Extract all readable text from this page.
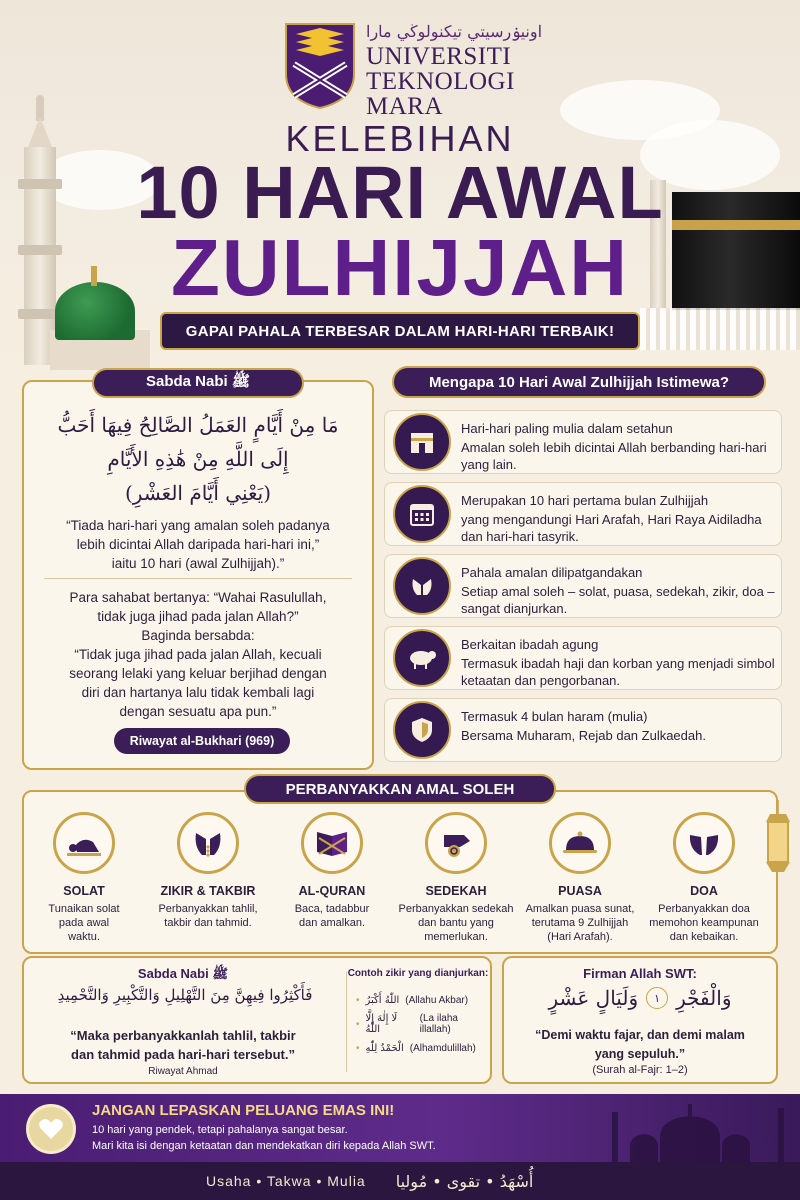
اونيۏرسيتي تيكنولوڬي مارا
UNIVERSITI
TEKNOLOGI
MARA
KELEBIHAN
10 HARI AWAL
ZULHIJJAH
GAPAI PAHALA TERBESAR DALAM HARI-HARI TERBAIK!
مَا مِنْ أَيَّامٍ العَمَلُ الصَّالِحُ فِيهَا أَحَبُّ
إِلَى اللَّهِ مِنْ هَٰذِهِ الأَيَّامِ
(يَعْنِي أَيَّامَ العَشْرِ)
“Tiada hari-hari yang amalan soleh padanya
lebih dicintai Allah daripada hari-hari ini,”
iaitu 10 hari (awal Zulhijjah).”
Para sahabat bertanya: “Wahai Rasulullah,
tidak juga jihad pada jalan Allah?”
Baginda bersabda:
“Tidak juga jihad pada jalan Allah, kecuali
seorang lelaki yang keluar berjihad dengan
diri dan hartanya lalu tidak kembali lagi
dengan sesuatu apa pun.”
Riwayat al-Bukhari (969)
Sabda Nabi ﷺ	Mengapa 10 Hari Awal Zulhijjah Istimewa?
Hari-hari paling mulia dalam setahun
Amalan soleh lebih dicintai Allah berbanding hari-hari yang lain.
Merupakan 10 hari pertama bulan Zulhijjah
yang mengandungi Hari Arafah, Hari Raya Aidiladha dan hari-hari tasyrik.
Pahala amalan dilipatgandakan
Setiap amal soleh – solat, puasa, sedekah, zikir, doa – sangat dianjurkan.
Berkaitan ibadah agung
Termasuk ibadah haji dan korban yang menjadi simbol ketaatan dan pengorbanan.
Termasuk 4 bulan haram (mulia)
Bersama Muharam, Rejab dan Zulkaedah.
SOLAT
Tunaikan solat
pada awal
waktu.
ZIKIR & TAKBIR
Perbanyakkan tahlil,
takbir dan tahmid.
AL-QURAN
Baca, tadabbur
dan amalkan.
SEDEKAH
Perbanyakkan sedekah
dan bantu yang
memerlukan.
PUASA
Amalkan puasa sunat,
terutama 9 Zulhijjah
(Hari Arafah).
DOA
Perbanyakkan doa
memohon keampunan
dan kebaikan.
PERBANYAKKAN AMAL SOLEH
Sabda Nabi ﷺ
فَأَكْثِرُوا فِيهِنَّ مِنَ التَّهْلِيلِ وَالتَّكْبِيرِ وَالتَّحْمِيدِ
“Maka perbanyakkanlah tahlil, takbir
dan tahmid pada hari-hari tersebut.”
Riwayat Ahmad
Contoh zikir yang dianjurkan:
• اللّٰهُ أَكْبَرُ (Allahu Akbar)
• لَا إِلٰهَ إِلَّا اللّٰهُ
(La ilaha illallah)
• الْحَمْدُ لِلّٰهِ (Alhamdulillah)
Firman Allah SWT:
وَالْفَجْرِ
١
وَلَيَالٍ عَشْرٍ
“Demi waktu fajar, dan demi malam
yang sepuluh.”
(Surah al-Fajr: 1–2)
JANGAN LEPASKAN PELUANG EMAS INI!
10 hari yang pendek, tetapi pahalanya sangat besar.
Mari kita isi dengan ketaatan dan mendekatkan diri kepada Allah SWT.
Usaha • Takwa • Mulia أُسْهَدُ • تقوى • مُوليا
